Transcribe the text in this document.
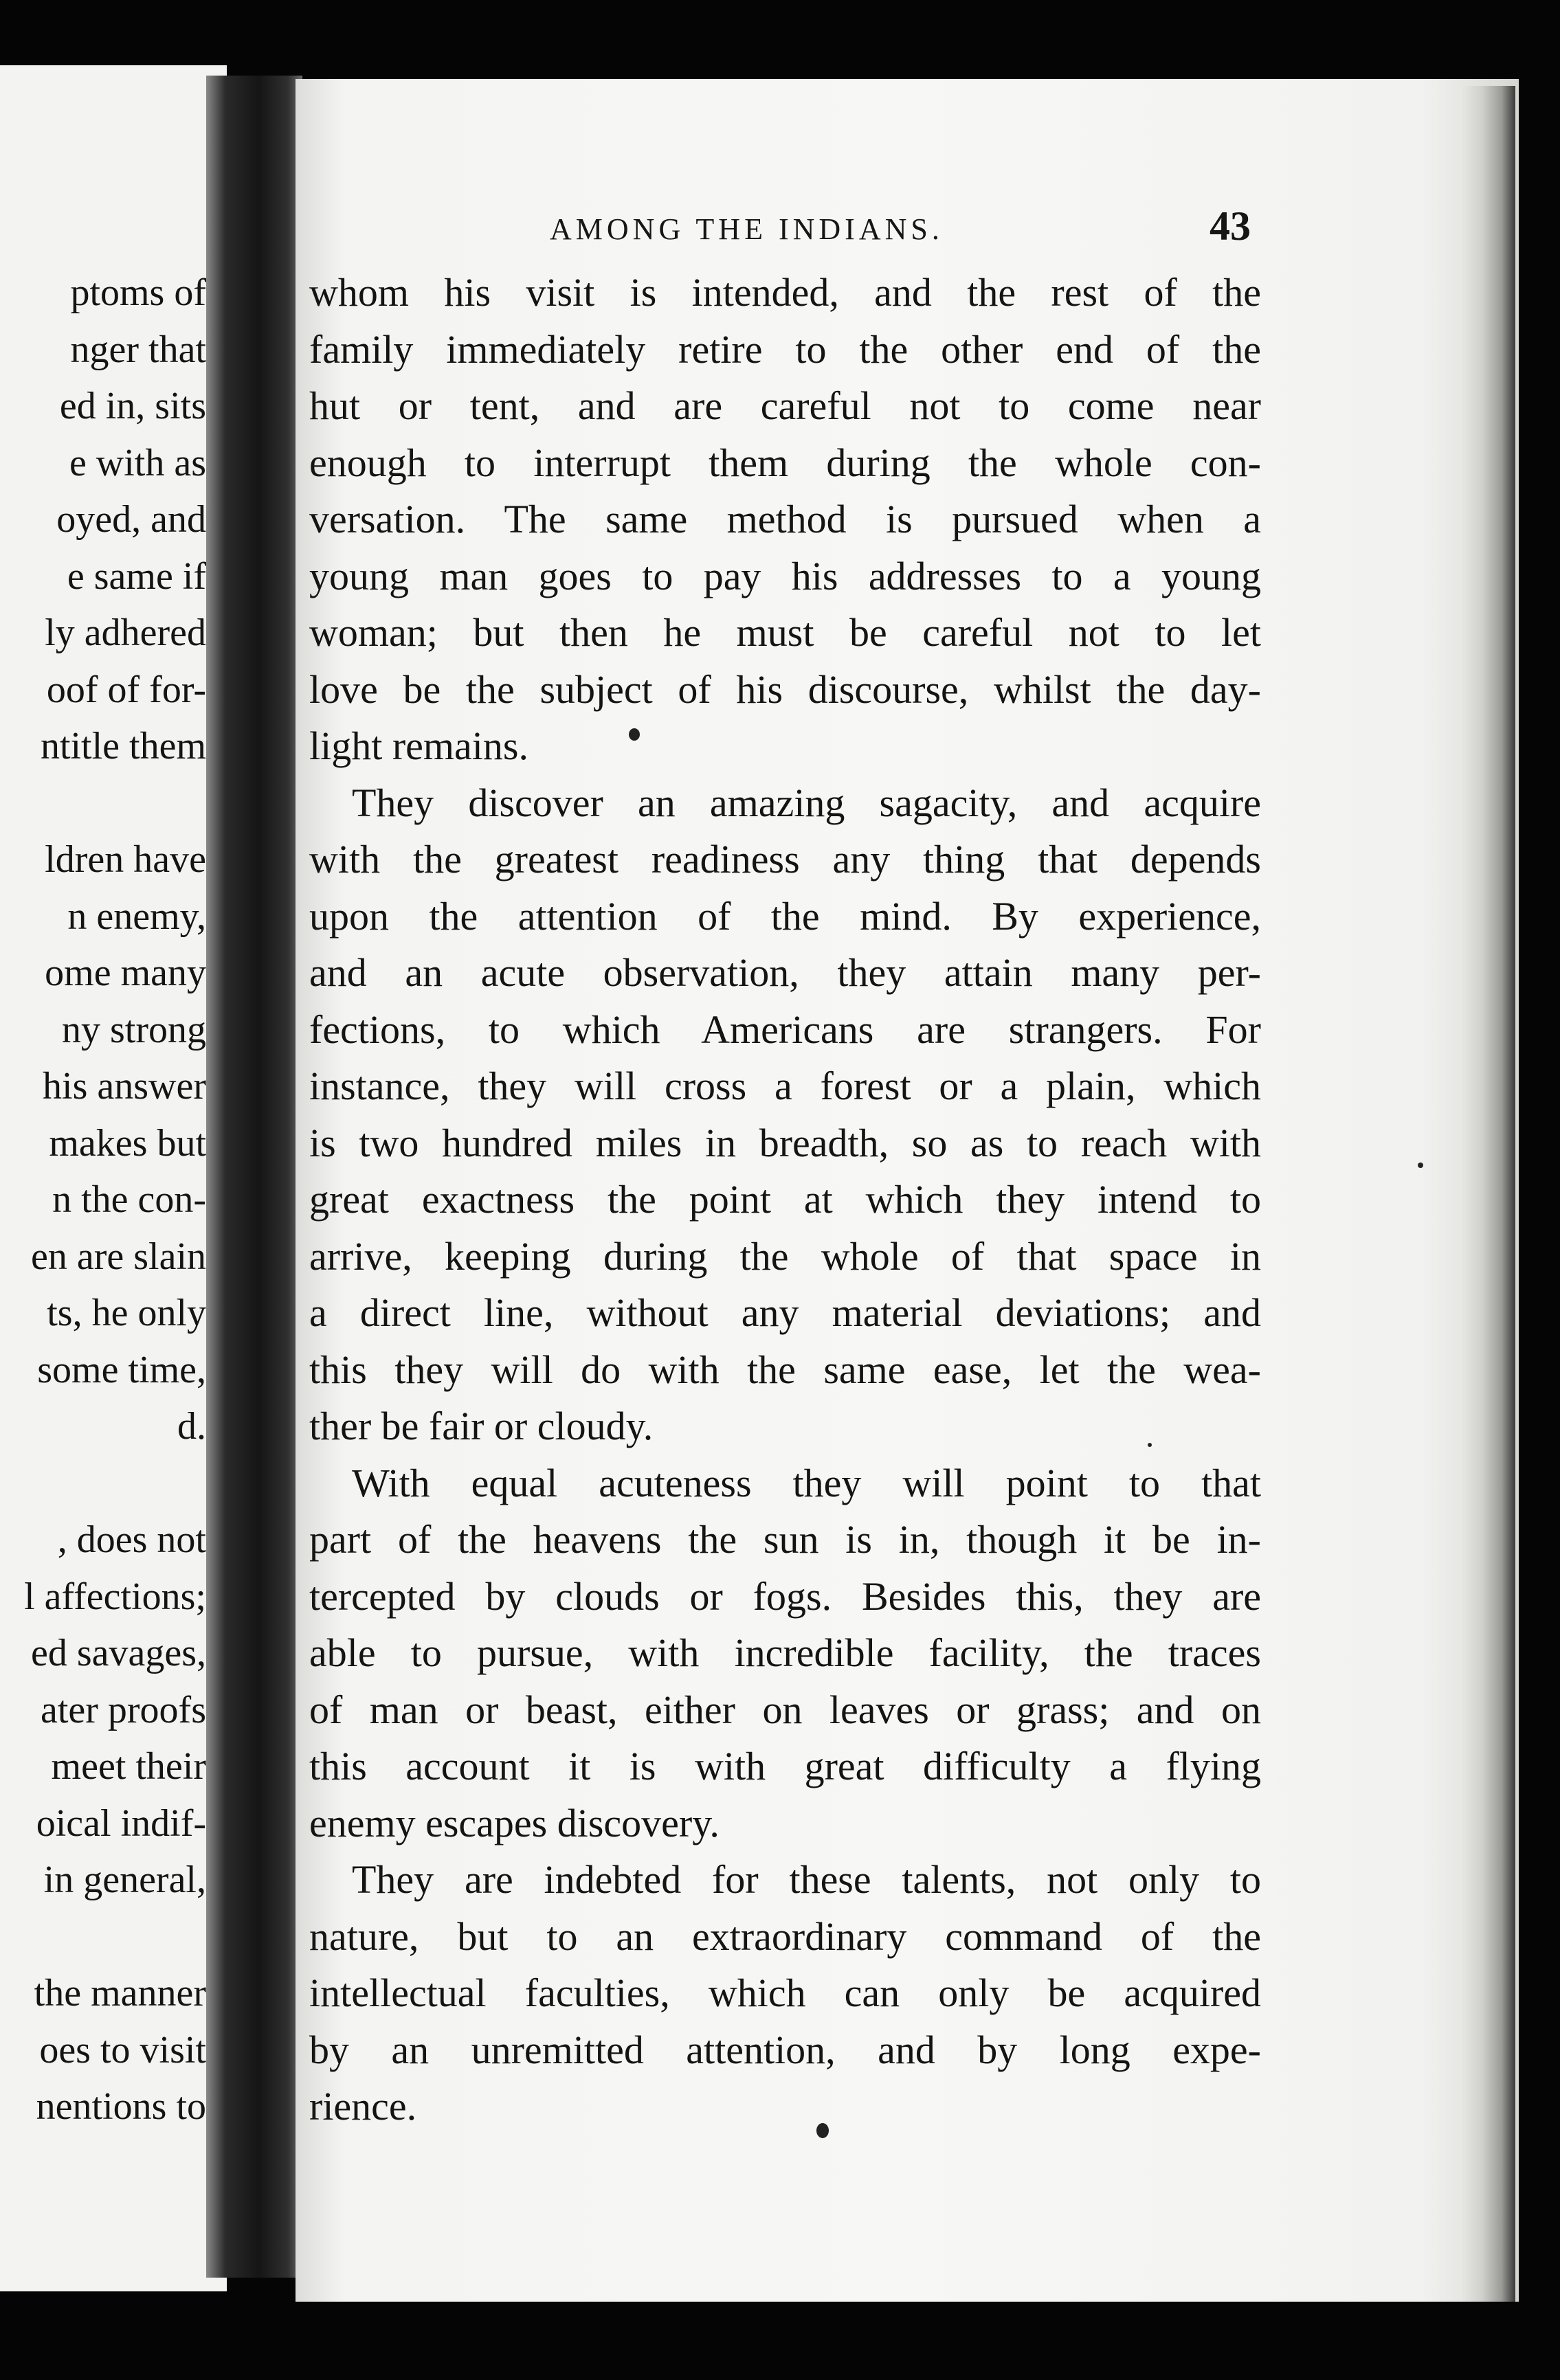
ptoms of
nger that
ed in, sits
e with as
oyed, and
e same if
ly adhered
oof of for-
ntitle them
ldren have
n enemy,
ome many
ny strong
his answer
makes but
n the con-
en are slain
ts, he only
some time,
d.
, does not
l affections;
ed savages,
ater proofs
meet their
oical indif-
in general,
the manner
oes to visit
nentions to
AMONG THE INDIANS.	43
whom his visit is intended, and the rest of the
family immediately retire to the other end of the
hut or tent, and are careful not to come near
enough to interrupt them during the whole con-
versation. The same method is pursued when a
young man goes to pay his addresses to a young
woman; but then he must be careful not to let
love be the subject of his discourse, whilst the day-
light remains.
They discover an amazing sagacity, and acquire
with the greatest readiness any thing that depends
upon the attention of the mind. By experience,
and an acute observation, they attain many per-
fections, to which Americans are strangers. For
instance, they will cross a forest or a plain, which
is two hundred miles in breadth, so as to reach with
great exactness the point at which they intend to
arrive, keeping during the whole of that space in
a direct line, without any material deviations; and
this they will do with the same ease, let the wea-
ther be fair or cloudy.
With equal acuteness they will point to that
part of the heavens the sun is in, though it be in-
tercepted by clouds or fogs. Besides this, they are
able to pursue, with incredible facility, the traces
of man or beast, either on leaves or grass; and on
this account it is with great difficulty a flying
enemy escapes discovery.
They are indebted for these talents, not only to
nature, but to an extraordinary command of the
intellectual faculties, which can only be acquired
by an unremitted attention, and by long expe-
rience.
